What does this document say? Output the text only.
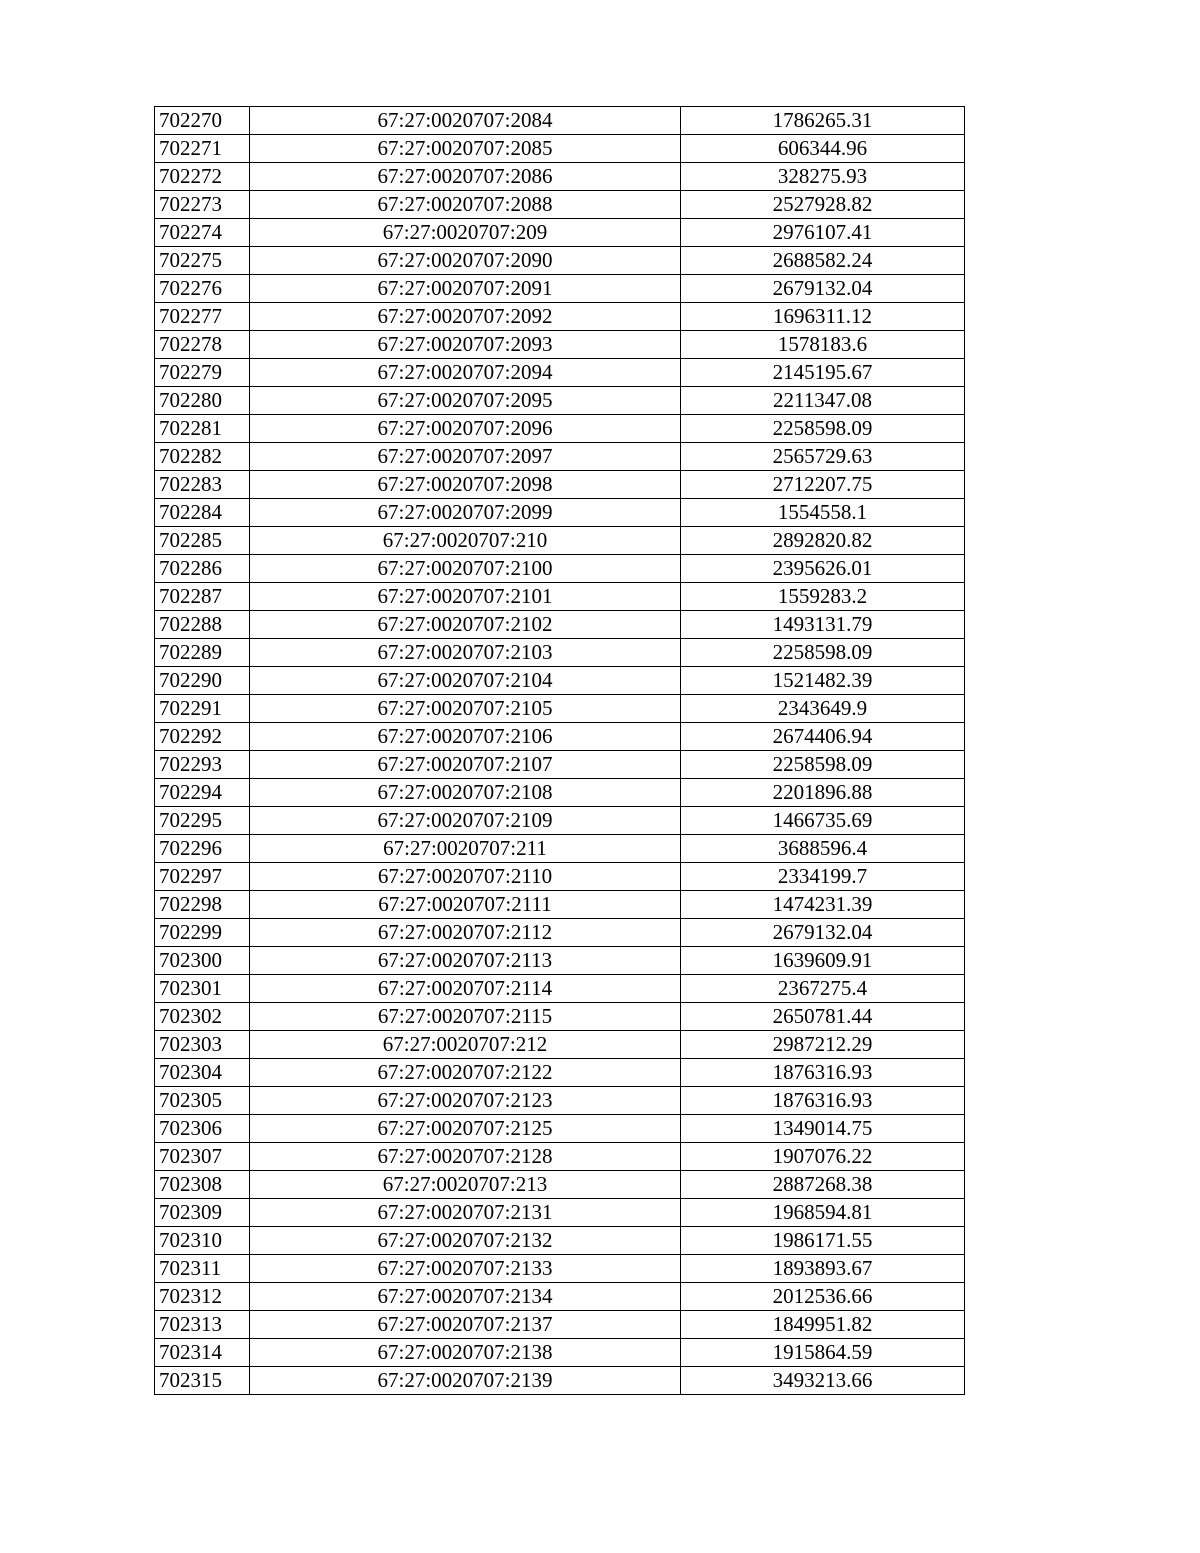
702270	67:27:0020707:2084	1786265.31
702271	67:27:0020707:2085	606344.96
702272	67:27:0020707:2086	328275.93
702273	67:27:0020707:2088	2527928.82
702274	67:27:0020707:209	2976107.41
702275	67:27:0020707:2090	2688582.24
702276	67:27:0020707:2091	2679132.04
702277	67:27:0020707:2092	1696311.12
702278	67:27:0020707:2093	1578183.6
702279	67:27:0020707:2094	2145195.67
702280	67:27:0020707:2095	2211347.08
702281	67:27:0020707:2096	2258598.09
702282	67:27:0020707:2097	2565729.63
702283	67:27:0020707:2098	2712207.75
702284	67:27:0020707:2099	1554558.1
702285	67:27:0020707:210	2892820.82
702286	67:27:0020707:2100	2395626.01
702287	67:27:0020707:2101	1559283.2
702288	67:27:0020707:2102	1493131.79
702289	67:27:0020707:2103	2258598.09
702290	67:27:0020707:2104	1521482.39
702291	67:27:0020707:2105	2343649.9
702292	67:27:0020707:2106	2674406.94
702293	67:27:0020707:2107	2258598.09
702294	67:27:0020707:2108	2201896.88
702295	67:27:0020707:2109	1466735.69
702296	67:27:0020707:211	3688596.4
702297	67:27:0020707:2110	2334199.7
702298	67:27:0020707:2111	1474231.39
702299	67:27:0020707:2112	2679132.04
702300	67:27:0020707:2113	1639609.91
702301	67:27:0020707:2114	2367275.4
702302	67:27:0020707:2115	2650781.44
702303	67:27:0020707:212	2987212.29
702304	67:27:0020707:2122	1876316.93
702305	67:27:0020707:2123	1876316.93
702306	67:27:0020707:2125	1349014.75
702307	67:27:0020707:2128	1907076.22
702308	67:27:0020707:213	2887268.38
702309	67:27:0020707:2131	1968594.81
702310	67:27:0020707:2132	1986171.55
702311	67:27:0020707:2133	1893893.67
702312	67:27:0020707:2134	2012536.66
702313	67:27:0020707:2137	1849951.82
702314	67:27:0020707:2138	1915864.59
702315	67:27:0020707:2139	3493213.66
